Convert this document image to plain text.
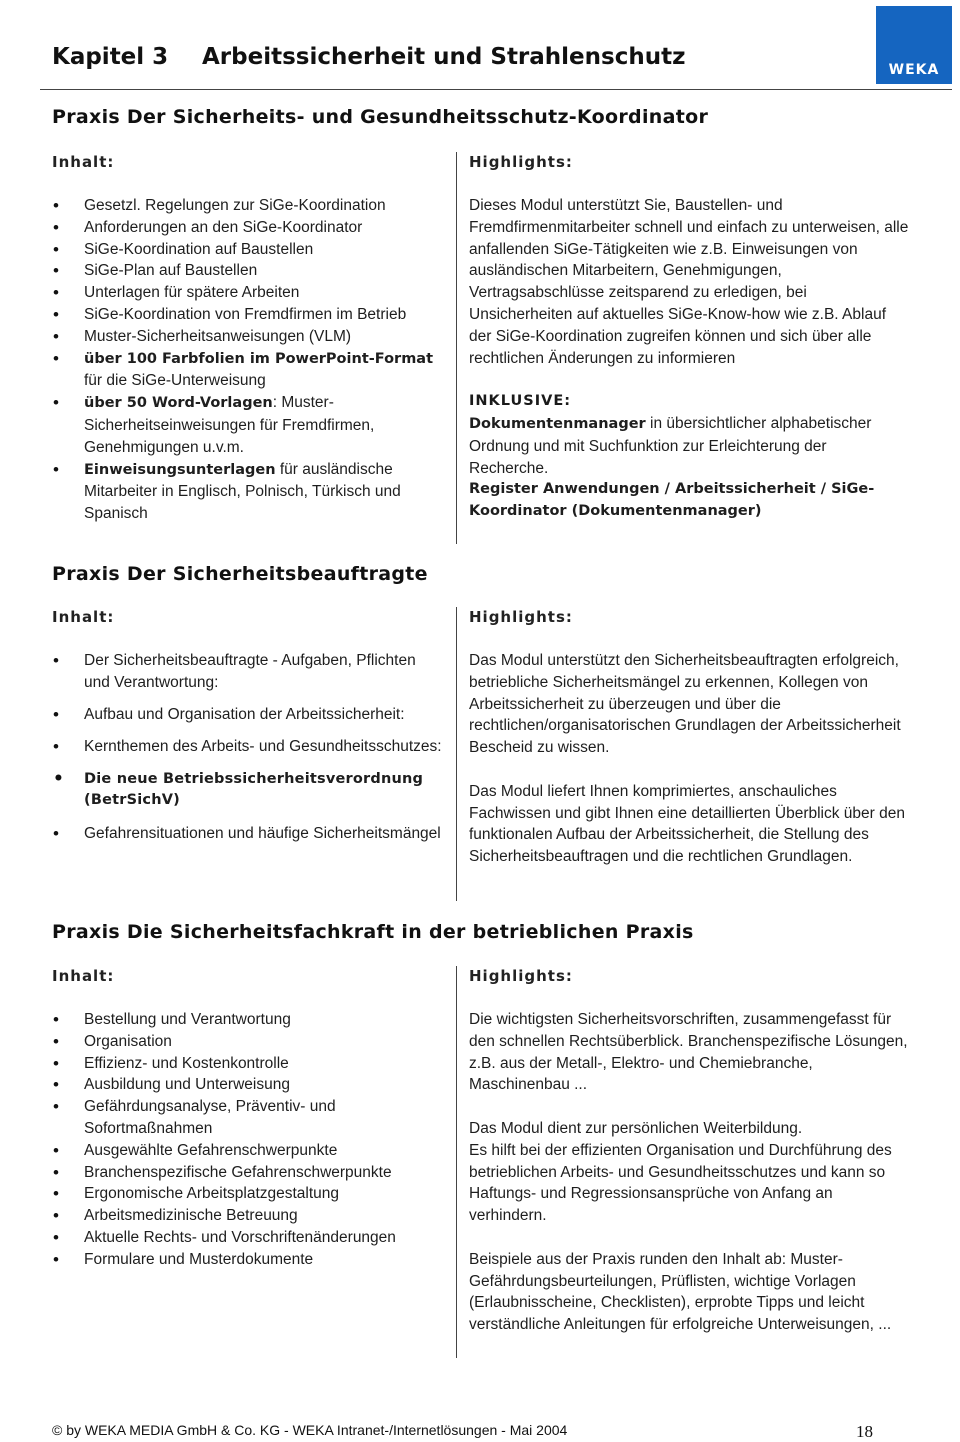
Kapitel 3 Arbeitssicherheit und Strahlenschutz	WEKA
Praxis Der Sicherheits- und Gesundheitsschutz-Koordinator
Inhalt:
• Gesetzl. Regelungen zur SiGe-Koordination
• Anforderungen an den SiGe-Koordinator
• SiGe-Koordination auf Baustellen
• SiGe-Plan auf Baustellen
• Unterlagen für spätere Arbeiten
• SiGe-Koordination von Fremdfirmen im Betrieb
• Muster-Sicherheitsanweisungen (VLM)
• über 100 Farbfolien im PowerPoint-Format
für die SiGe-Unterweisung
• über 50 Word-Vorlagen: Muster-Sicherheitseinweisungen für Fremdfirmen, Genehmigungen u.v.m.
• Einweisungsunterlagen für ausländische Mitarbeiter in Englisch, Polnisch, Türkisch und Spanisch
Highlights:

Dieses Modul unterstützt Sie, Baustellen- und Fremdfirmenmitarbeiter schnell und einfach zu unterweisen, alle anfallenden SiGe-Tätigkeiten wie z.B. Einweisungen von ausländischen Mitarbeitern, Genehmigungen, Vertragsabschlüsse zeitsparend zu erledigen, bei Unsicherheiten auf aktuelles SiGe-Know-how wie z.B. Ablauf der SiGe-Koordination zugreifen können und sich über alle rechtlichen Änderungen zu informieren

INKLUSIVE:

Dokumentenmanager in übersichtlicher alphabetischer Ordnung und mit Suchfunktion zur Erleichterung der Recherche.

Register Anwendungen / Arbeitssicherheit / SiGe-Koordinator (Dokumentenmanager)

Praxis Der Sicherheitsbeauftragte
Inhalt:
• Der Sicherheitsbeauftragte - Aufgaben, Pflichten und Verantwortung:
• Aufbau und Organisation der Arbeitssicherheit:
• Kernthemen des Arbeits- und Gesundheitsschutzes:
• Die neue Betriebssicherheitsverordnung (BetrSichV)
• Gefahrensituationen und häufige Sicherheitsmängel
Highlights:

Das Modul unterstützt den Sicherheitsbeauftragten erfolgreich, betriebliche Sicherheitsmängel zu erkennen, Kollegen von Arbeitssicherheit zu überzeugen und über die rechtlichen/organisatorischen Grundlagen der Arbeitssicherheit Bescheid zu wissen.

Das Modul liefert Ihnen komprimiertes, anschauliches Fachwissen und gibt Ihnen eine detaillierten Überblick über den funktionalen Aufbau der Arbeitssicherheit, die Stellung des Sicherheitsbeauftragen und die rechtlichen Grundlagen.

Praxis Die Sicherheitsfachkraft in der betrieblichen Praxis
Inhalt:
• Bestellung und Verantwortung
• Organisation
• Effizienz- und Kostenkontrolle
• Ausbildung und Unterweisung
• Gefährdungsanalyse, Präventiv- und Sofortmaßnahmen
• Ausgewählte Gefahrenschwerpunkte
• Branchenspezifische Gefahrenschwerpunkte
• Ergonomische Arbeitsplatzgestaltung
• Arbeitsmedizinische Betreuung
• Aktuelle Rechts- und Vorschriftenänderungen
• Formulare und Musterdokumente
Highlights:

Die wichtigsten Sicherheitsvorschriften, zusammengefasst für den schnellen Rechtsüberblick. Branchenspezifische Lösungen, z.B. aus der Metall-, Elektro- und Chemiebranche, Maschinenbau ...

Das Modul dient zur persönlichen Weiterbildung.

Es hilft bei der effizienten Organisation und Durchführung des betrieblichen Arbeits- und Gesundheitsschutzes und kann so Haftungs- und Regressionsansprüche von Anfang an verhindern.

Beispiele aus der Praxis runden den Inhalt ab: Muster-Gefährdungsbeurteilungen, Prüflisten, wichtige Vorlagen (Erlaubnisscheine, Checklisten), erprobte Tipps und leicht verständliche Anleitungen für erfolgreiche Unterweisungen, ...

© by WEKA MEDIA GmbH & Co. KG - WEKA Intranet-/Internetlösungen - Mai 2004	18
